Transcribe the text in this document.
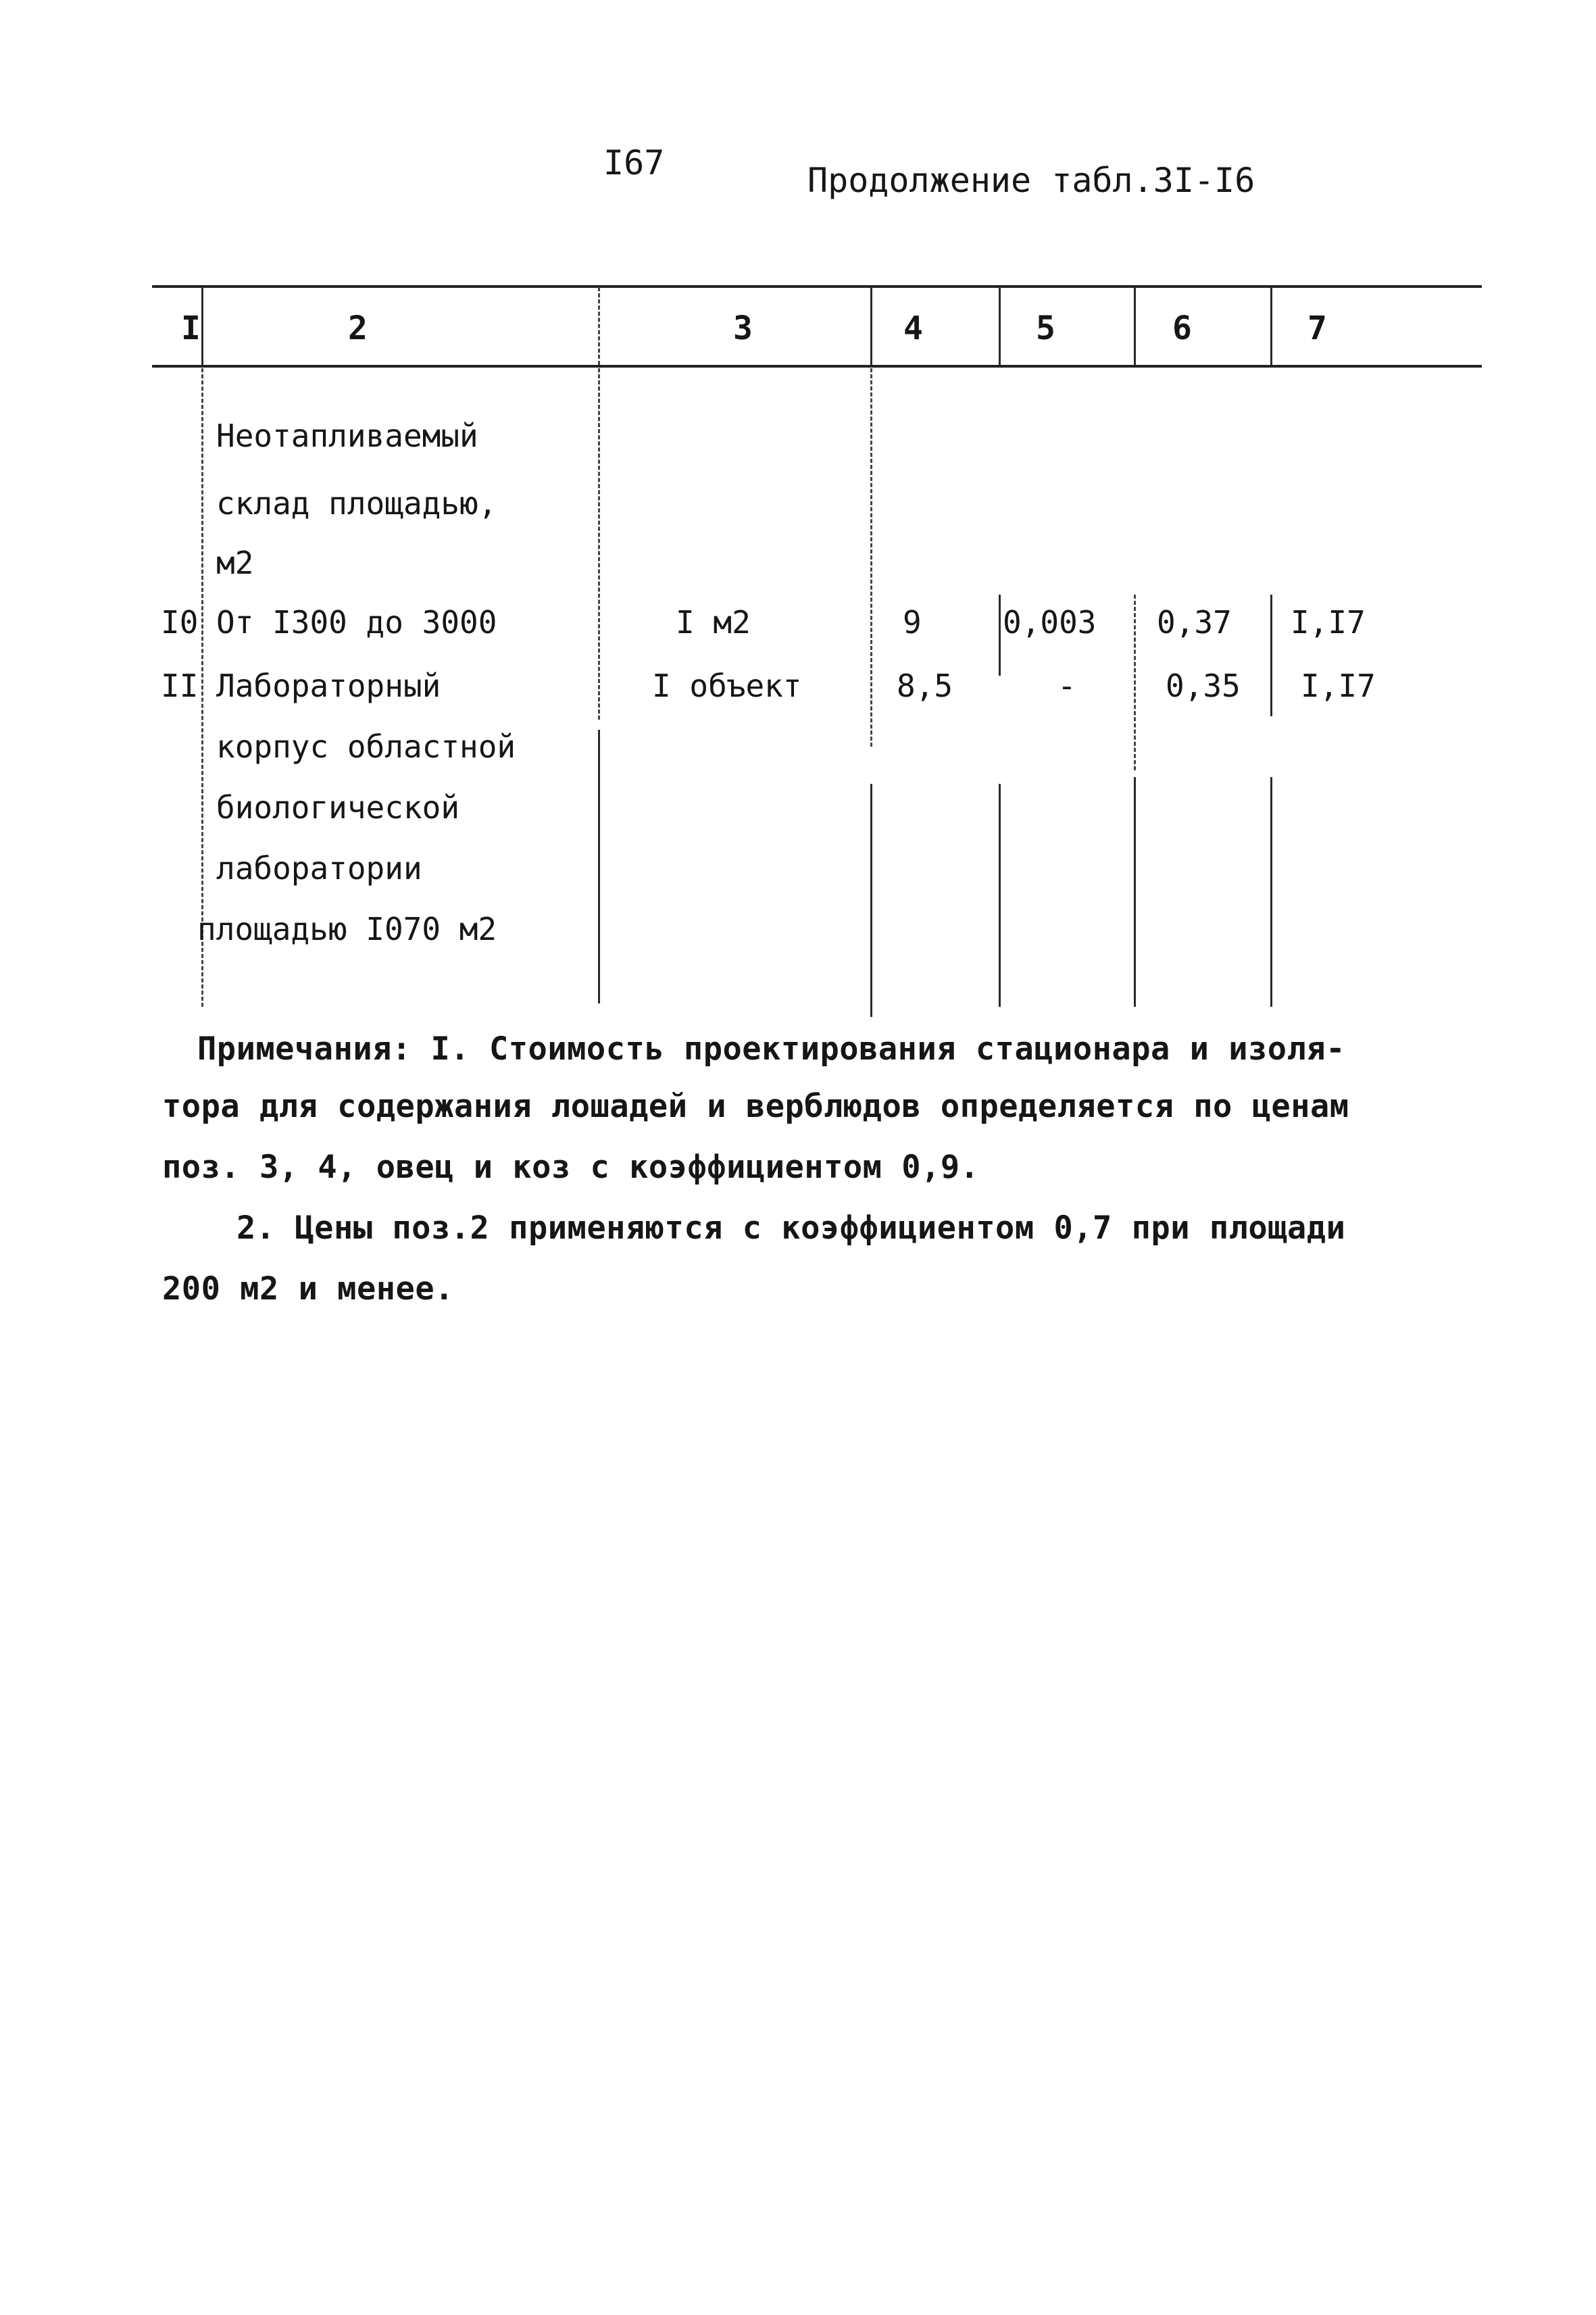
I67	Продолжение табл.3I-I6
I	2	3	4	5	6	7
Неотапливаемый
склад площадью,
м2
I0 От I300 до 3000	I м2	9	0,003 0,37 I,I7
II Лабораторный
корпус областной
биологической
лаборатории
площадью I070 м2
I объект	8,5	-	0,35 I,I7
Примечания: I. Стоимость проектирования стационара и изоля-
тора для содержания лошадей и верблюдов определяется по ценам
поз. 3, 4, овец и коз с коэффициентом 0,9.
2. Цены поз.2 применяются с коэффициентом 0,7 при площади
200 м2 и менее.
